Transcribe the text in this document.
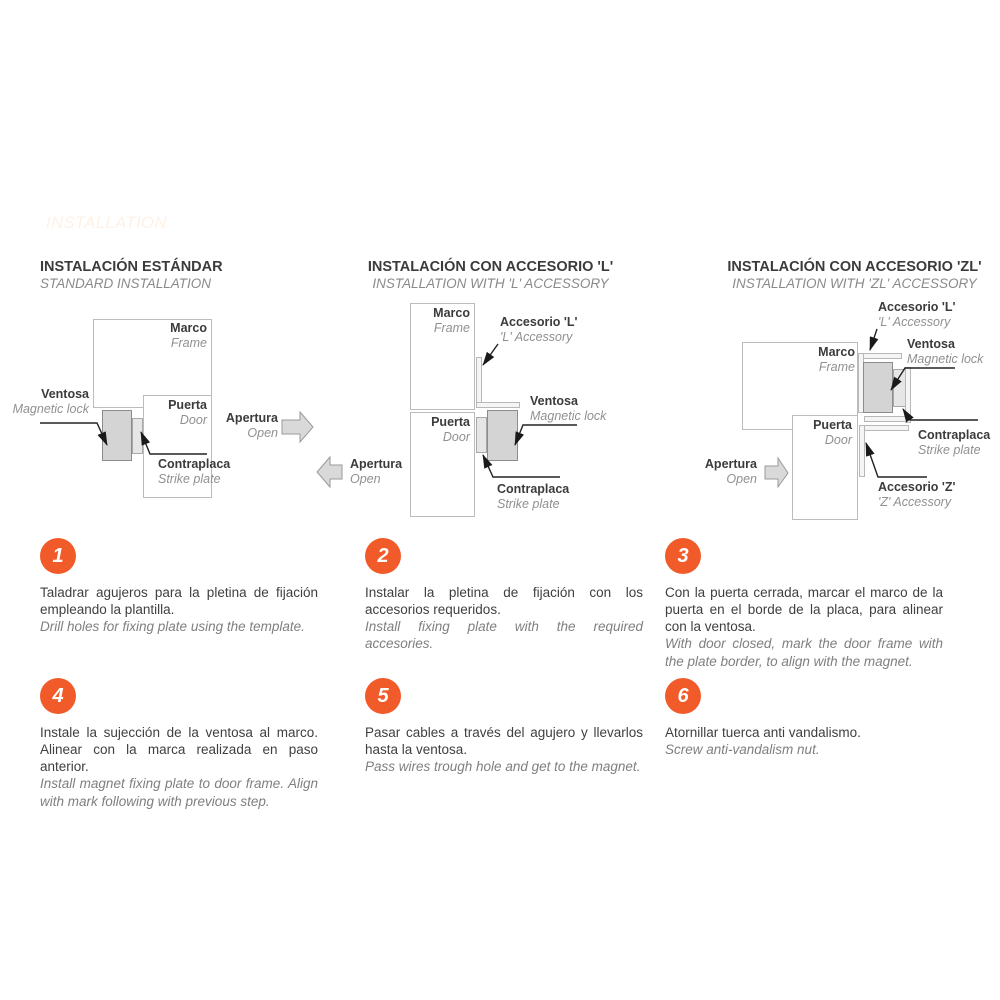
INSTALACIÓN
INSTALLATION
INSTALACIÓN ESTÁNDAR
STANDARD INSTALLATION
INSTALACIÓN CON ACCESORIO 'L'
INSTALLATION WITH 'L' ACCESSORY
INSTALACIÓN CON ACCESORIO 'ZL'
INSTALLATION WITH 'ZL' ACCESSORY
Marco
Frame
Puerta
Door
Ventosa
Magnetic lock
Contraplaca
Strike plate
Apertura
Open
Marco
Frame
Puerta
Door
Accesorio 'L'
'L' Accessory
Ventosa
Magnetic lock
Contraplaca
Strike plate
Apertura
Open
Accesorio 'L'
'L' Accessory
Ventosa
Magnetic lock
Marco
Frame
Puerta
Door	Contraplaca
Strike plate
Accesorio 'Z'
'Z' Accessory
Apertura
Open
1
Taladrar agujeros para la pletina de fijación empleando la plantilla.
Drill holes for fixing plate using the template.
2
Instalar la pletina de fijación con los accesorios requeridos.
Install fixing plate with the required accesories.
3
Con la puerta cerrada, marcar el marco de la puerta en el borde de la placa, para alinear con la ventosa.
With door closed, mark the door frame with the plate border, to align with the magnet.
4
Instale la sujección de la ventosa al marco. Alinear con la marca realizada en paso anterior.
Install magnet fixing plate to door frame. Align with mark following with previous step.
5
Pasar cables a través del agujero y llevarlos hasta la ventosa.
Pass wires trough hole and get to the magnet.
6
Atornillar tuerca anti vandalismo.
Screw anti-vandalism nut.
